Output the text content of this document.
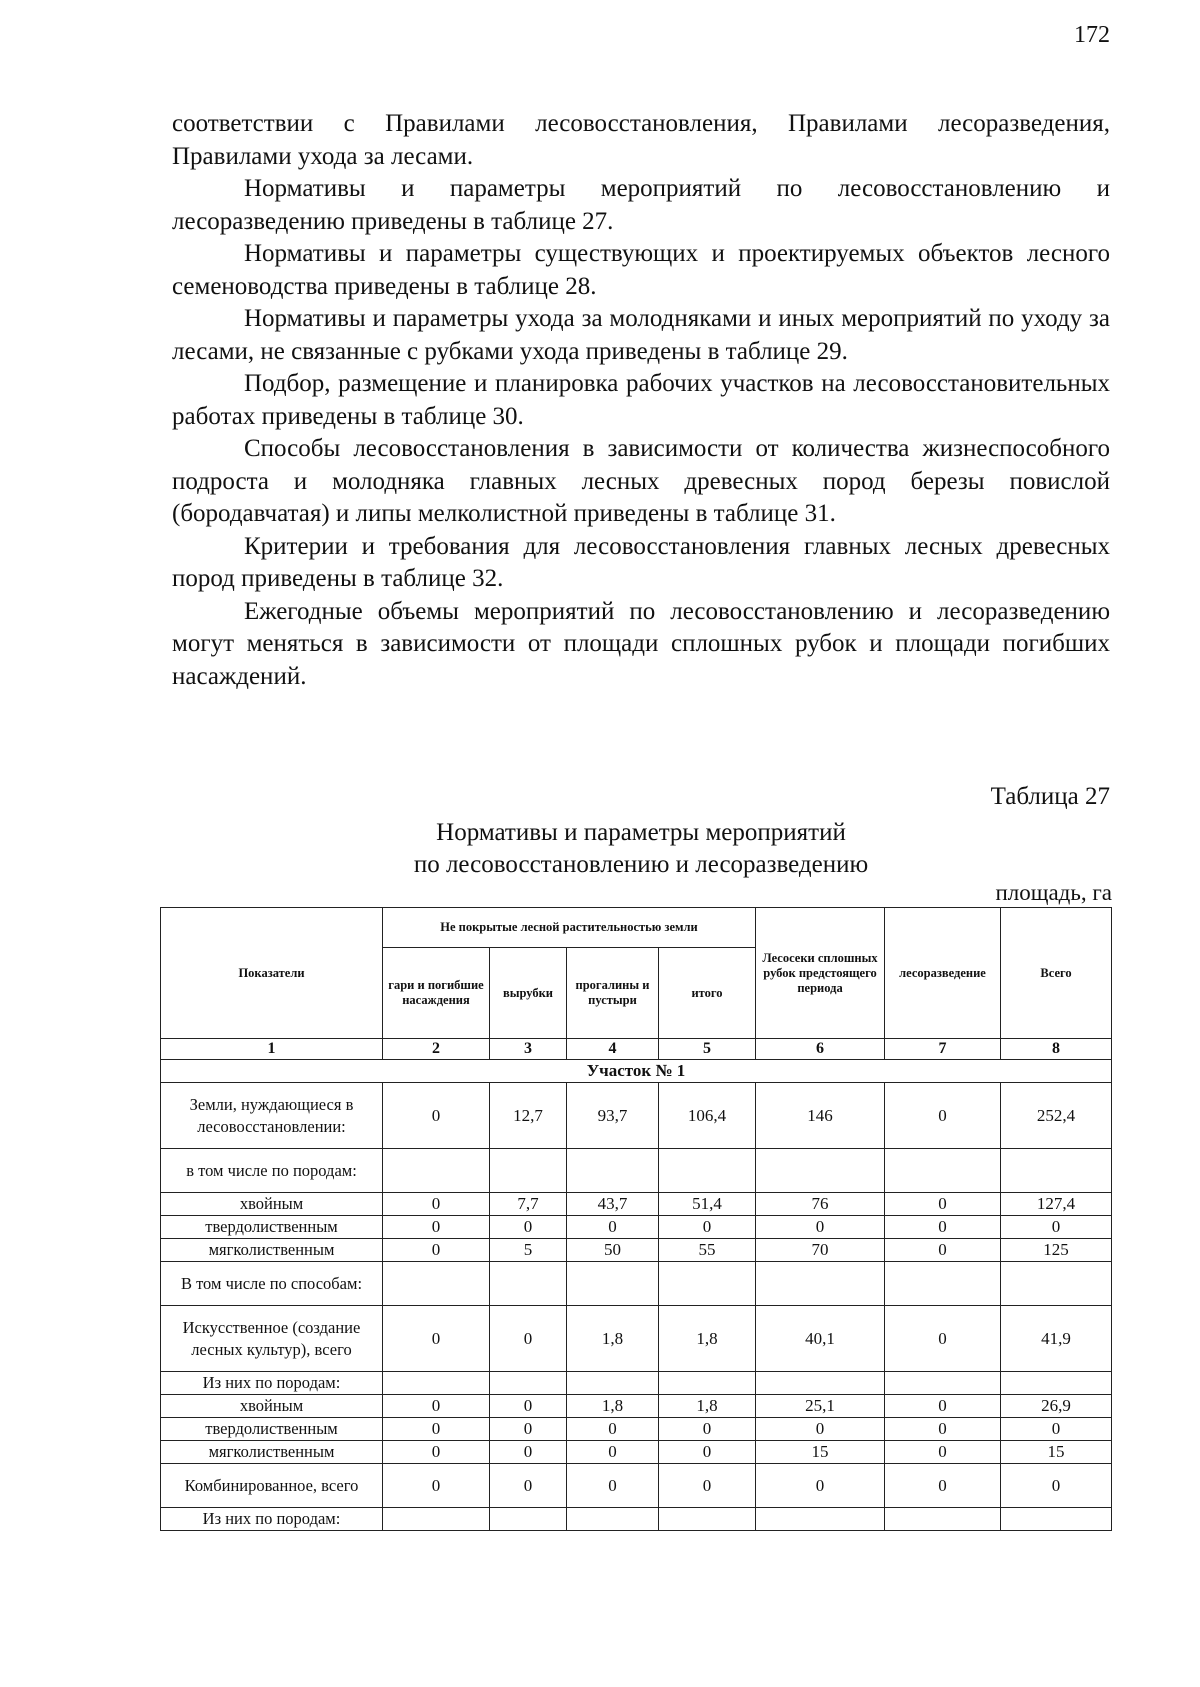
172

соответствии с Правилами лесовосстановления, Правилами лесоразведения, Правилами ухода за лесами.

Нормативы и параметры мероприятий по лесовосстановлению и лесоразведению приведены в таблице 27.

Нормативы и параметры существующих и проектируемых объектов лесного семеноводства приведены в таблице 28.

Нормативы и параметры ухода за молодняками и иных мероприятий по уходу за лесами, не связанные с рубками ухода приведены в таблице 29.

Подбор, размещение и планировка рабочих участков на лесовосстановительных работах приведены в таблице 30.

Способы лесовосстановления в зависимости от количества жизнеспособного подроста и молодняка главных лесных древесных пород березы повислой (бородавчатая) и липы мелколистной приведены в таблице 31.

Критерии и требования для лесовосстановления главных лесных древесных пород приведены в таблице 32.

Ежегодные объемы мероприятий по лесовосстановлению и лесоразведению могут меняться в зависимости от площади сплошных рубок и площади погибших насаждений.

Таблица 27
Нормативы и параметры мероприятий
по лесовосстановлению и лесоразведению
площадь, га
Показатели	Не покрытые лесной растительностью земли				Лесосеки сплошных рубок предстоящего периода	лесоразведение	Всего
	гари и погибшие насаждения	вырубки	прогалины и пустыри	итого			
1	2	3	4	5	6	7	8
Участок № 1							
Земли, нуждающиеся в лесовосстановлении:	0	12,7	93,7	106,4	146	0	252,4
в том числе по породам:							
хвойным	0	7,7	43,7	51,4	76	0	127,4
твердолиственным	0	0	0	0	0	0	0
мягколиственным	0	5	50	55	70	0	125
В том числе по способам:							
Искусственное (создание лесных культур), всего	0	0	1,8	1,8	40,1	0	41,9
Из них по породам:							
хвойным	0	0	1,8	1,8	25,1	0	26,9
твердолиственным	0	0	0	0	0	0	0
мягколиственным	0	0	0	0	15	0	15
Комбинированное, всего	0	0	0	0	0	0	0
Из них по породам:							
